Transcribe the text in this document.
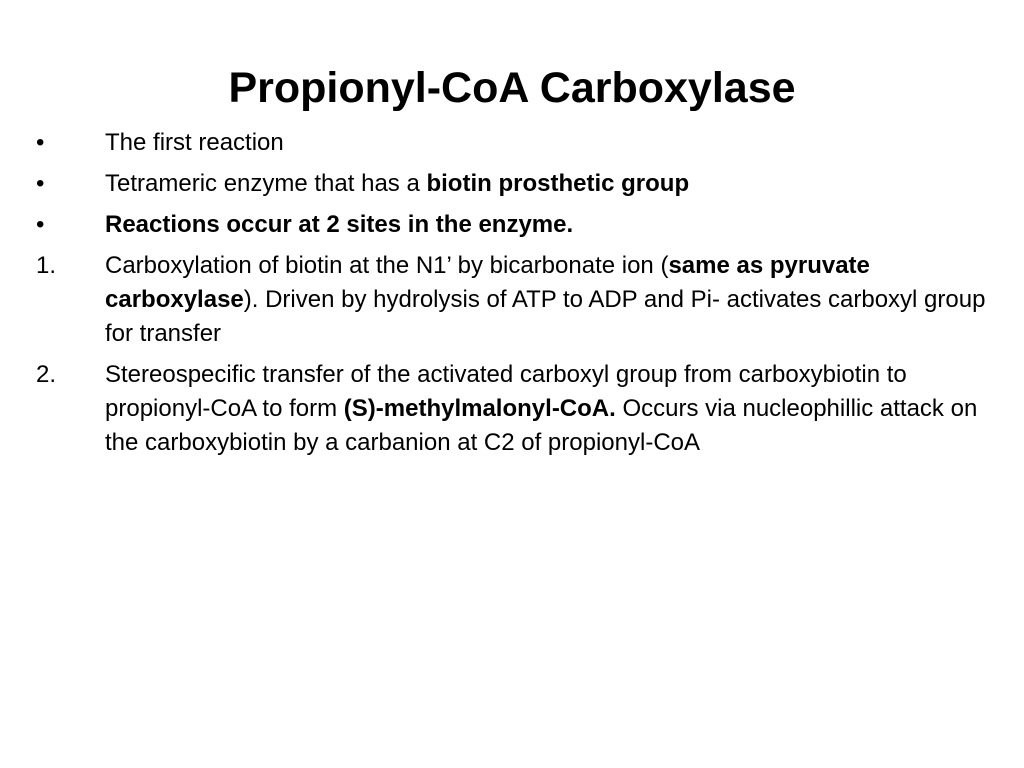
Propionyl-CoA Carboxylase
•	The first reaction
•	Tetrameric enzyme that has a biotin prosthetic group
•	Reactions occur at 2 sites in the enzyme.
1.	Carboxylation of biotin at the N1’ by bicarbonate ion (same as pyruvate carboxylase). Driven by hydrolysis of ATP to ADP and Pi- activates carboxyl group for transfer
2.	Stereospecific transfer of the activated carboxyl group from carboxybiotin to propionyl-CoA to form (S)-methylmalonyl-CoA. Occurs via nucleophillic attack on the carboxybiotin by a carbanion at C2 of propionyl-CoA
